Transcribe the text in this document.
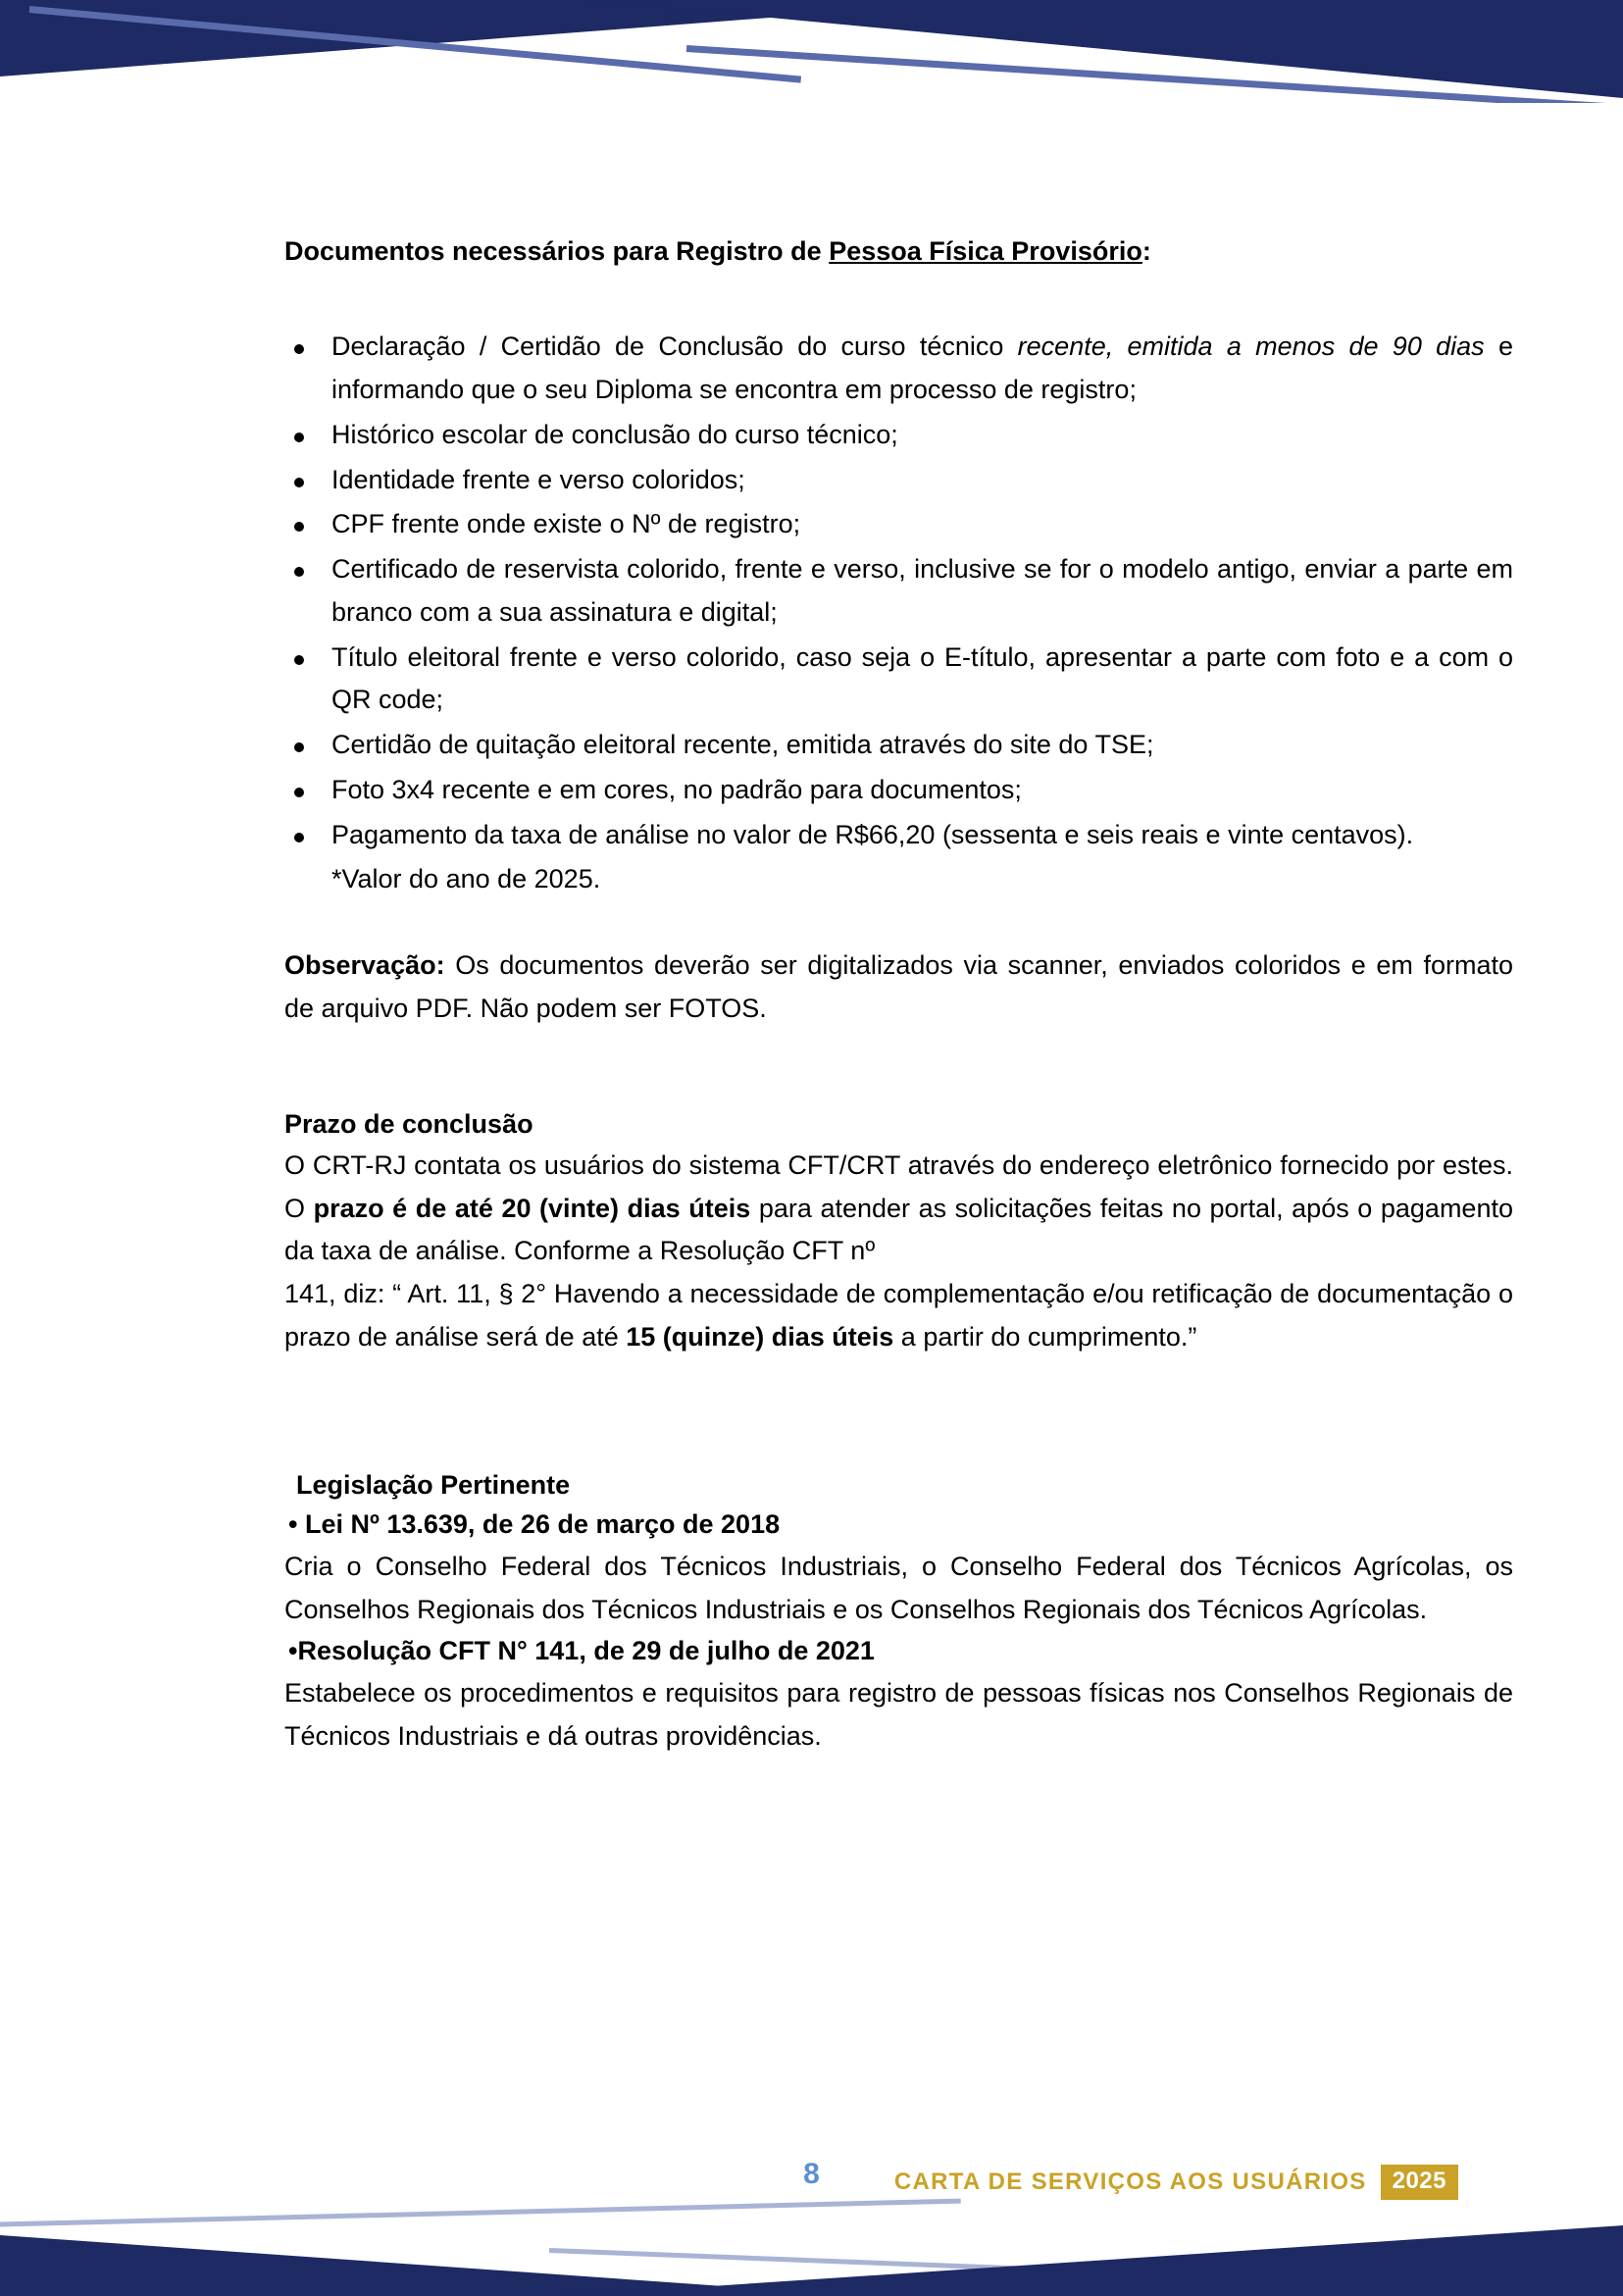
Documentos necessários para Registro de Pessoa Física Provisório:
Declaração / Certidão de Conclusão do curso técnico recente, emitida a menos de 90 dias e informando que o seu Diploma se encontra em processo de registro;
Histórico escolar de conclusão do curso técnico;
Identidade frente e verso coloridos;
CPF frente onde existe o Nº de registro;
Certificado de reservista colorido, frente e verso, inclusive se for o modelo antigo, enviar a parte em branco com a sua assinatura e digital;
Título eleitoral frente e verso colorido, caso seja o E-título, apresentar a parte com foto e a com o QR code;
Certidão de quitação eleitoral recente, emitida através do site do TSE;
Foto 3x4 recente e em cores, no padrão para documentos;
Pagamento da taxa de análise no valor de R$66,20 (sessenta e seis reais e vinte centavos).
*Valor do ano de 2025.

Observação: Os documentos deverão ser digitalizados via scanner, enviados coloridos e em formato de arquivo PDF. Não podem ser FOTOS.

Prazo de conclusão

O CRT-RJ contata os usuários do sistema CFT/CRT através do endereço eletrônico fornecido por estes. O prazo é de até 20 (vinte) dias úteis para atender as solicitações feitas no portal, após o pagamento da taxa de análise. Conforme a Resolução CFT nº

141, diz: “ Art. 11, § 2° Havendo a necessidade de complementação e/ou retificação de documentação o prazo de análise será de até 15 (quinze) dias úteis a partir do cumprimento.”

Legislação Pertinente
• Lei Nº 13.639, de 26 de março de 2018

Cria o Conselho Federal dos Técnicos Industriais, o Conselho Federal dos Técnicos Agrícolas, os Conselhos Regionais dos Técnicos Industriais e os Conselhos Regionais dos Técnicos Agrícolas.

•Resolução CFT N° 141, de 29 de julho de 2021

Estabelece os procedimentos e requisitos para registro de pessoas físicas nos Conselhos Regionais de Técnicos Industriais e dá outras providências.

8	CARTA DE SERVIÇOS AOS USUÁRIOS	2025
